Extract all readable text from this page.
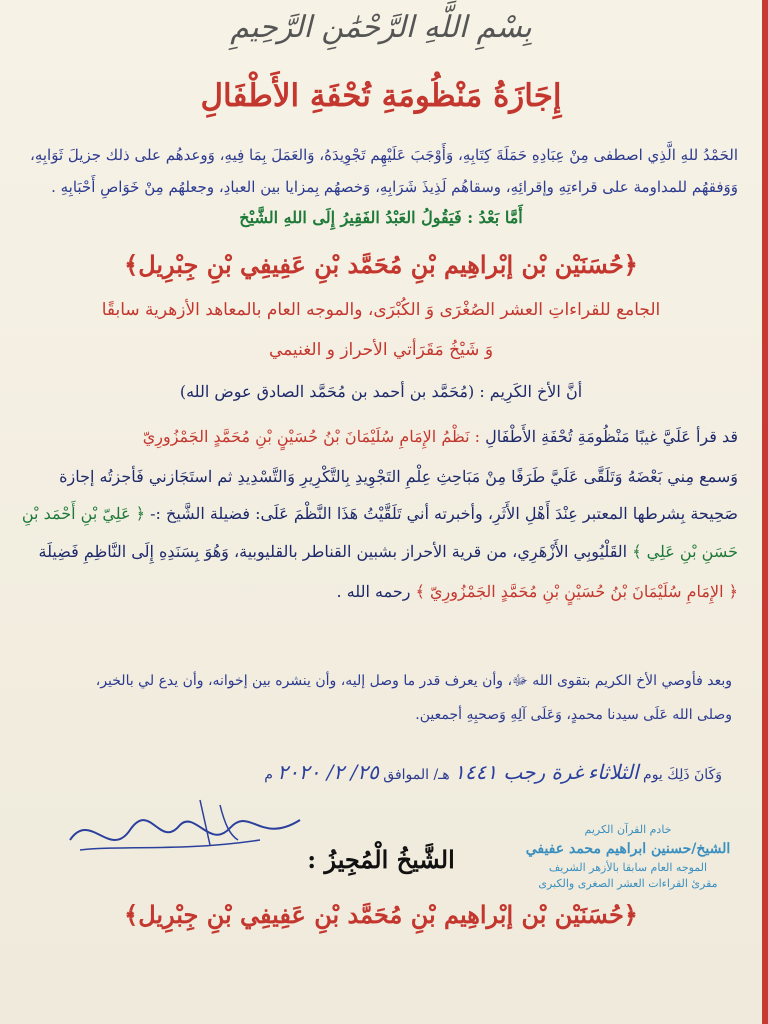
بِسْمِ اللَّهِ الرَّحْمَٰنِ الرَّحِيمِ
إِجَازَةُ مَنْظُومَةِ تُحْفَةِ الأَطْفَالِ
الحَمْدُ للهِ الَّذِي اصطفى مِنْ عِبَادِهِ حَمَلَةَ كِتَابِهِ، وَأَوْجَبَ عَلَيْهِم تَجْوِيدَهُ، وَالعَمَلَ بِمَا فِيهِ، وَوعدهُم على ذلك جزيلَ ثَوَابِهِ، وَوَفقهُم للمداومة على قراءتِهِ وإقرائِهِ، وسقاهُم لَذِيذَ شَرَابِهِ، وَخصهُم بِمزايا بين العبادِ، وجعلهُم مِنْ خَوَاصِ أَحْبَابِهِ .
أَمَّا بَعْدُ : فَيَقُولُ العَبْدُ الفَقِيرُ إِلَى اللهِ الشَّيْخ
﴿حُسَنَيْن بْن إبْراهِيم بْنِ مُحَمَّد بْنِ عَفِيفِي بْنِ جِبْرِيل﴾
الجامع للقراءاتِ العشر الصُغْرَى وَ الكُبْرَى، والموجه العام بالمعاهد الأزهرية سابقًا
وَ شَيْخُ مَقَرَأتي الأحراز و الغنيمي
أنَّ الأخ الكَرِيم : (مُحَمَّد بن أحمد بن مُحَمَّد الصادق عوض الله)
قد قرأ عَلَيَّ غيبًا مَنْظُومَةِ تُحْفَةِ الأَطْفَالِ : نَظْمُ الإِمَامِ سُلَيْمَانَ بْنُ حُسَيْنٍ بْنِ مُحَمَّدٍ الجَمْزُورِيّ
وَسمع مِني بَعْضَهُ وَتَلَقَّى عَلَيَّ طَرَفًا مِنْ مَبَاحِثِ عِلْمِ التَجْوِيدِ بِالتَّكْرِيرِ وَالتَّسْدِيدِ ثم استَجَازني فَأجزتُه إجازة
صَحِيحة بِشرطها المعتبر عِنْدَ أَهْلِ الأَثَرِ، وأخبرته أني تَلَقَّيْتُ هَذَا النَّظْمَ عَلَى: فضيلة الشَّيخ :- ﴿ عَلِيّ بْنِ أَحْمَد بْنِ
حَسَنِ بْنِ عَلِي ﴾ القَلْيُوبِي الأَزْهَرِي، من قرية الأحراز بشبين القناطر بالقليوبية، وَهُوَ بِسَنَدِهِ إِلَى النَّاظِمِ فَضِيلَة
﴿ الإِمَامِ سُلَيْمَانَ بْنُ حُسَيْنٍ بْنِ مُحَمَّدٍ الجَمْزُورِيّ ﴾ رحمه الله .
وبعد فأوصي الأخ الكريم بتقوى الله ﷻ، وأن يعرف قدر ما وصل إليه، وأن ينشره بين إخوانه، وأن يدع لي بالخير،
وصلى الله عَلَى سيدنا محمدٍ، وَعَلَى آلِهِ وَصحبِهِ أجمعين.
وَكَانَ ذَلِكَ يوم الثلاثاء غرة رجب ١٤٤١ هـ/ الموافق ٢٥/ ٢/ ٢٠٢٠ م
الشَّيخُ الْمُجِيزُ :
خادم القرآن الكريم
الشيخ/حسنين ابراهيم محمد عفيفي
الموجه العام سابقا بالأزهر الشريف
مقرئ القراءات العشر الصغرى والكبرى
﴿حُسَنَيْن بْن إبْراهِيم بْنِ مُحَمَّد بْنِ عَفِيفِي بْنِ جِبْرِيل﴾
